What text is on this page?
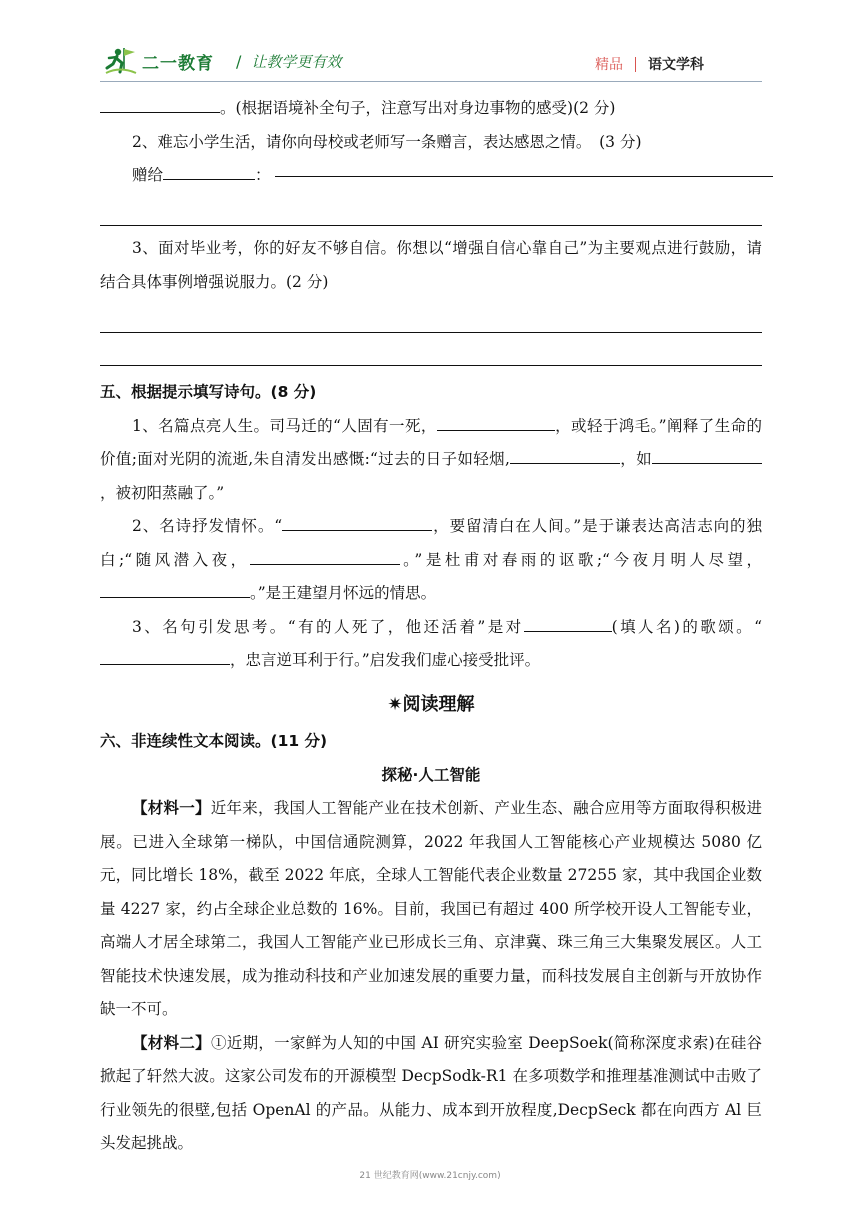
二一教育 / 让教学更有效	精品 语文学科

。(根据语境补全句子，注意写出对身边事物的感受)(2 分)

2、难忘小学生活，请你向母校或老师写一条赠言，表达感恩之情。　(3 分)

赠给	：

3、面对毕业考，你的好友不够自信。你想以“增强自信心靠自己”为主要观点进行鼓励，请结合具体事例增强说服力。(2 分)

五、根据提示填写诗句。(8 分)

1、名篇点亮人生。司马迁的“人固有一死，	，或轻于鸿毛。”阐释了生命的价值;面对光阴的流逝,朱自清发出感慨:“过去的日子如轻烟,	，如，被初阳蒸融了。”

2、名诗抒发情怀。“	，要留清白在人间。”是于谦表达高洁志向的独白;“随风潜入夜，	。”是杜甫对春雨的讴歌;“今夜月明人尽望，。”是王建望月怀远的情思。

3、名句引发思考。“有的人死了，他还活着”是对	(填人名)的歌颂。“，忠言逆耳利于行。”启发我们虚心接受批评。

✷阅读理解

六、非连续性文本阅读。(11 分)

探秘·人工智能

【材料一】近年来，我国人工智能产业在技术创新、产业生态、融合应用等方面取得积极进展。已进入全球第一梯队，中国信通院测算，2022 年我国人工智能核心产业规模达 5080 亿元，同比增长 18%，截至 2022 年底，全球人工智能代表企业数量 27255 家，其中我国企业数量 4227 家，约占全球企业总数的 16%。目前，我国已有超过 400 所学校开设人工智能专业，高端人才居全球第二，我国人工智能产业已形成长三角、京津冀、珠三角三大集聚发展区。人工智能技术快速发展，成为推动科技和产业加速发展的重要力量，而科技发展自主创新与开放协作缺一不可。

【材料二】①近期，一家鲜为人知的中国 AI 研究实验室 DeepSoek(简称深度求索)在硅谷掀起了轩然大波。这家公司发布的开源模型 DecpSodk-R1 在多项数学和推理基准测试中击败了行业领先的很壁,包括 OpenAl 的产品。从能力、成本到开放程度,DecpSeck 都在向西方 Al 巨头发起挑战。

21 世纪教育网(www.21cnjy.com)
